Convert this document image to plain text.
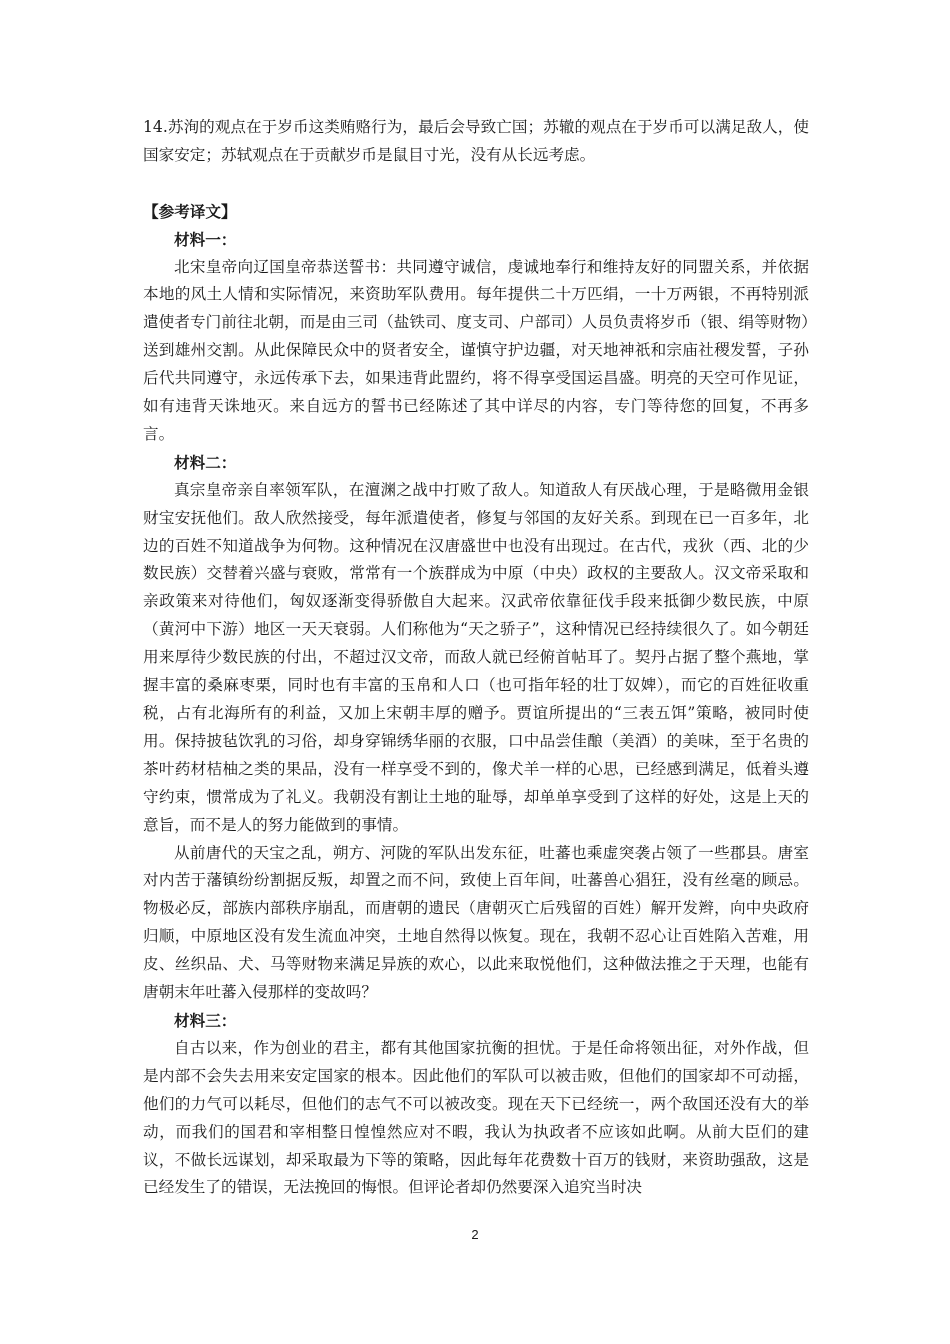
14.苏洵的观点在于岁币这类贿赂行为，最后会导致亡国；苏辙的观点在于岁币可以满足敌人，使国家安定；苏轼观点在于贡献岁币是鼠目寸光，没有从长远考虑。

【参考译文】

材料一：

北宋皇帝向辽国皇帝恭送誓书：共同遵守诚信，虔诚地奉行和维持友好的同盟关系，并依据本地的风土人情和实际情况，来资助军队费用。每年提供二十万匹绢，一十万两银，不再特别派遣使者专门前往北朝，而是由三司（盐铁司、度支司、户部司）人员负责将岁币（银、绢等财物）送到雄州交割。从此保障民众中的贤者安全，谨慎守护边疆，对天地神祇和宗庙社稷发誓，子孙后代共同遵守，永远传承下去，如果违背此盟约，将不得享受国运昌盛。明亮的天空可作见证，如有违背天诛地灭。来自远方的誓书已经陈述了其中详尽的内容，专门等待您的回复，不再多言。

材料二：

真宗皇帝亲自率领军队，在澶渊之战中打败了敌人。知道敌人有厌战心理，于是略微用金银财宝安抚他们。敌人欣然接受，每年派遣使者，修复与邻国的友好关系。到现在已一百多年，北边的百姓不知道战争为何物。这种情况在汉唐盛世中也没有出现过。在古代，戎狄（西、北的少数民族）交替着兴盛与衰败，常常有一个族群成为中原（中央）政权的主要敌人。汉文帝采取和亲政策来对待他们，匈奴逐渐变得骄傲自大起来。汉武帝依靠征伐手段来抵御少数民族，中原（黄河中下游）地区一天天衰弱。人们称他为“天之骄子”，这种情况已经持续很久了。如今朝廷用来厚待少数民族的付出，不超过汉文帝，而敌人就已经俯首帖耳了。契丹占据了整个燕地，掌握丰富的桑麻枣栗，同时也有丰富的玉帛和人口（也可指年轻的壮丁奴婢），而它的百姓征收重税，占有北海所有的利益，又加上宋朝丰厚的赠予。贾谊所提出的“三表五饵”策略，被同时使用。保持披毡饮乳的习俗，却身穿锦绣华丽的衣服，口中品尝佳酿（美酒）的美味，至于名贵的茶叶药材桔柚之类的果品，没有一样享受不到的，像犬羊一样的心思，已经感到满足，低着头遵守约束，惯常成为了礼义。我朝没有割让土地的耻辱，却单单享受到了这样的好处，这是上天的意旨，而不是人的努力能做到的事情。

从前唐代的天宝之乱，朔方、河陇的军队出发东征，吐蕃也乘虚突袭占领了一些郡县。唐室对内苦于藩镇纷纷割据反叛，却置之而不问，致使上百年间，吐蕃兽心猖狂，没有丝毫的顾忌。物极必反，部族内部秩序崩乱，而唐朝的遗民（唐朝灭亡后残留的百姓）解开发辫，向中央政府归顺，中原地区没有发生流血冲突，土地自然得以恢复。现在，我朝不忍心让百姓陷入苦难，用皮、丝织品、犬、马等财物来满足异族的欢心，以此来取悦他们，这种做法推之于天理，也能有唐朝末年吐蕃入侵那样的变故吗？

材料三：

自古以来，作为创业的君主，都有其他国家抗衡的担忧。于是任命将领出征，对外作战，但是内部不会失去用来安定国家的根本。因此他们的军队可以被击败，但他们的国家却不可动摇，他们的力气可以耗尽，但他们的志气不可以被改变。现在天下已经统一，两个敌国还没有大的举动，而我们的国君和宰相整日惶惶然应对不暇，我认为执政者不应该如此啊。从前大臣们的建议，不做长远谋划，却采取最为下等的策略，因此每年花费数十百万的钱财，来资助强敌，这是已经发生了的错误，无法挽回的悔恨。但评论者却仍然要深入追究当时决

2
